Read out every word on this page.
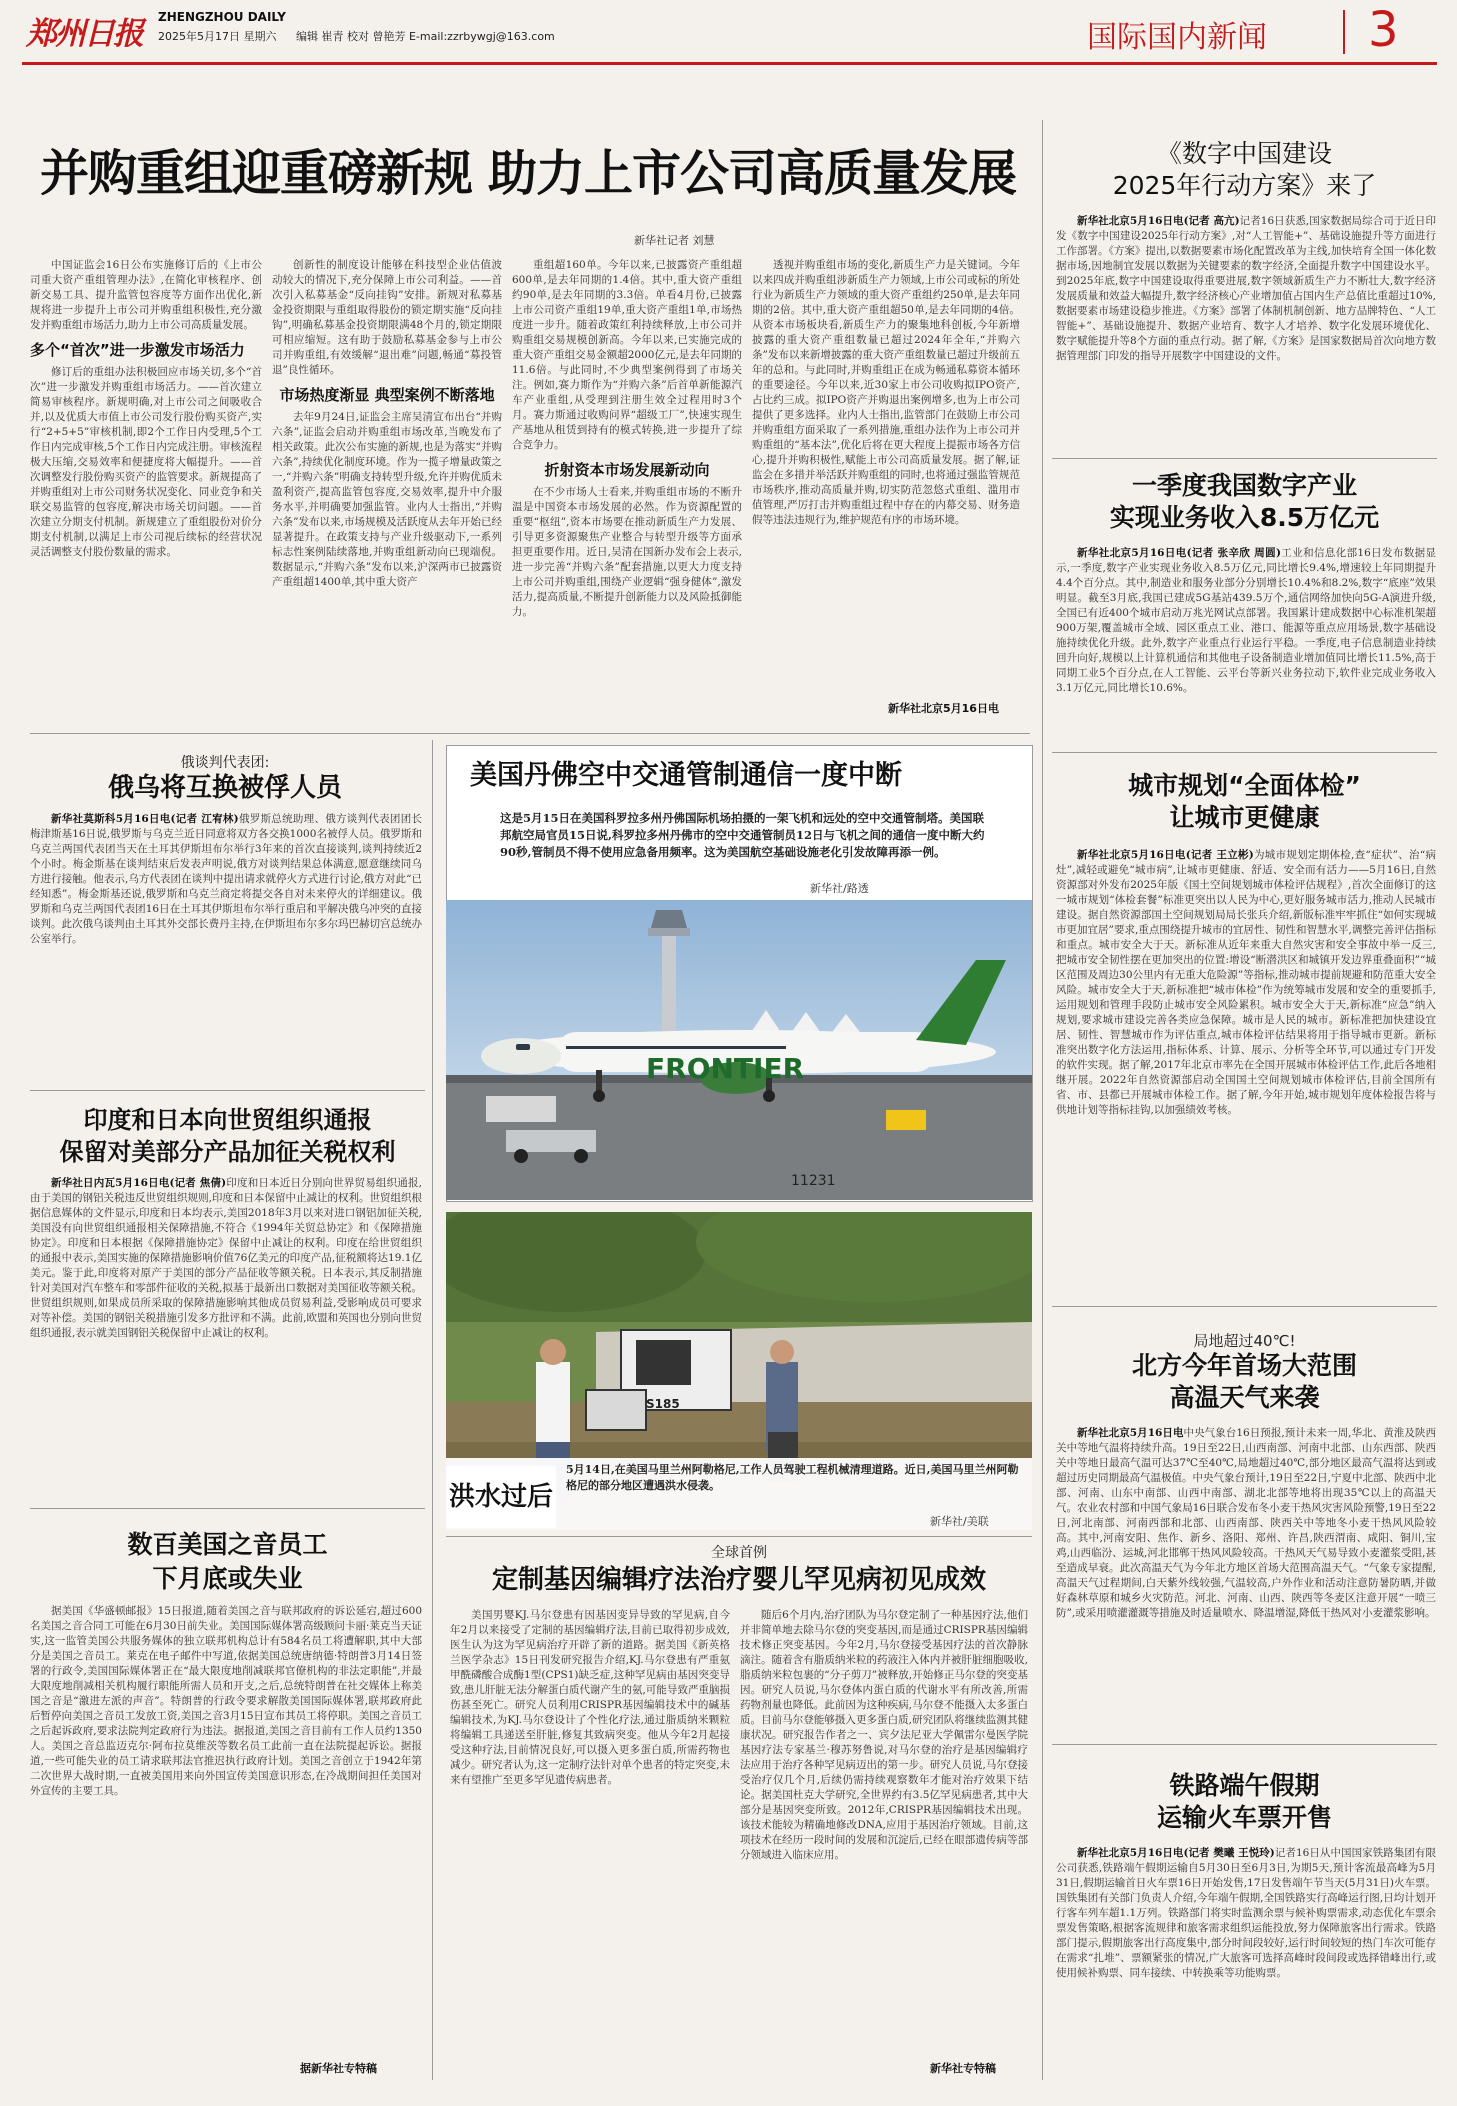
郑州日报 ZHENGZHOU DAILY
2025年5月17日 星期六 编辑 崔青 校对 曾艳芳 E-mail:zzrbywgj@163.com	国际国内新闻 3
并购重组迎重磅新规 助力上市公司高质量发展
新华社记者 刘慧

中国证监会16日公布实施修订后的《上市公司重大资产重组管理办法》,在简化审核程序、创新交易工具、提升监管包容度等方面作出优化,新规将进一步提升上市公司并购重组积极性,充分激发并购重组市场活力,助力上市公司高质量发展。

多个“首次”进一步激发市场活力

修订后的重组办法积极回应市场关切,多个“首次”进一步激发并购重组市场活力。——首次建立简易审核程序。新规明确,对上市公司之间吸收合并,以及优质大市值上市公司发行股份购买资产,实行“2+5+5”审核机制,即2个工作日内受理,5个工作日内完成审核,5个工作日内完成注册。审核流程极大压缩,交易效率和便捷度将大幅提升。——首次调整发行股份购买资产的监管要求。新规提高了并购重组对上市公司财务状况变化、同业竞争和关联交易监管的包容度,解决市场关切问题。——首次建立分期支付机制。新规建立了重组股份对价分期支付机制,以满足上市公司视后续标的经营状况灵活调整支付股份数量的需求。

创新性的制度设计能够在科技型企业估值波动较大的情况下,充分保障上市公司利益。——首次引入私募基金“反向挂钩”安排。新规对私募基金投资期限与重组取得股份的锁定期实施“反向挂钩”,明确私募基金投资期限满48个月的,锁定期限可相应缩短。这有助于鼓励私募基金参与上市公司并购重组,有效缓解“退出难”问题,畅通“募投管退”良性循环。

市场热度渐显 典型案例不断落地

去年9月24日,证监会主席吴清宣布出台“并购六条”,证监会启动并购重组市场改革,当晚发布了相关政策。此次公布实施的新规,也是为落实“并购六条”,持续优化制度环境。作为一揽子增量政策之一,“并购六条”明确支持转型升级,允许并购优质未盈利资产,提高监管包容度,交易效率,提升中介服务水平,并明确要加强监管。业内人士指出,“并购六条”发布以来,市场规模及活跃度从去年开始已经显著提升。在政策支持与产业升级驱动下,一系列标志性案例陆续落地,并购重组新动向已现端倪。数据显示,“并购六条”发布以来,沪深两市已披露资产重组超1400单,其中重大资产

重组超160单。今年以来,已披露资产重组超600单,是去年同期的1.4倍。其中,重大资产重组约90单,是去年同期的3.3倍。单看4月份,已披露上市公司资产重组19单,重大资产重组1单,市场热度进一步升。随着政策红利持续释放,上市公司并购重组交易规模创新高。今年以来,已实施完成的重大资产重组交易金额超2000亿元,是去年同期的11.6倍。与此同时,不少典型案例得到了市场关注。例如,赛力斯作为“并购六条”后首单新能源汽车产业重组,从受理到注册生效全过程用时3个月。赛力斯通过收购问界“超级工厂”,快速实现生产基地从租赁到持有的模式转换,进一步提升了综合竞争力。

折射资本市场发展新动向

在不少市场人士看来,并购重组市场的不断升温是中国资本市场发展的必然。作为资源配置的重要“枢纽”,资本市场要在推动新质生产力发展、引导更多资源聚焦产业整合与转型升级等方面承担更重要作用。近日,吴清在国新办发布会上表示,进一步完善“并购六条”配套措施,以更大力度支持上市公司并购重组,围绕产业逻辑“强身健体”,激发活力,提高质量,不断提升创新能力以及风险抵御能力。

透视并购重组市场的变化,新质生产力是关键词。今年以来四成并购重组涉新质生产力领域,上市公司或标的所处行业为新质生产力领域的重大资产重组约250单,是去年同期的2倍。其中,重大资产重组超50单,是去年同期的4倍。从资本市场板块看,新质生产力的聚集地科创板,今年新增披露的重大资产重组数量已超过2024年全年,“并购六条”发布以来新增披露的重大资产重组数量已超过升级前五年的总和。与此同时,并购重组正在成为畅通私募资本循环的重要途径。今年以来,近30家上市公司收购拟IPO资产,占比约三成。拟IPO资产并购退出案例增多,也为上市公司提供了更多选择。业内人士指出,监管部门在鼓励上市公司并购重组方面采取了一系列措施,重组办法作为上市公司并购重组的“基本法”,优化后将在更大程度上提振市场各方信心,提升并购积极性,赋能上市公司高质量发展。据了解,证监会在多措并举活跃并购重组的同时,也将通过强监管规范市场秩序,推动高质量并购,切实防范忽悠式重组、滥用市值管理,严厉打击并购重组过程中存在的内幕交易、财务造假等违法违规行为,维护规范有序的市场环境。

新华社北京5月16日电
《数字中国建设
2025年行动方案》来了

新华社北京5月16日电(记者 高亢)记者16日获悉,国家数据局综合司于近日印发《数字中国建设2025年行动方案》,对“人工智能+”、基础设施提升等方面进行工作部署。《方案》提出,以数据要素市场化配置改革为主线,加快培育全国一体化数据市场,因地制宜发展以数据为关键要素的数字经济,全面提升数字中国建设水平。到2025年底,数字中国建设取得重要进展,数字领域新质生产力不断壮大,数字经济发展质量和效益大幅提升,数字经济核心产业增加值占国内生产总值比重超过10%,数据要素市场建设稳步推进。《方案》部署了体制机制创新、地方品牌特色、“人工智能+”、基础设施提升、数据产业培育、数字人才培养、数字化发展环境优化、数字赋能提升等8个方面的重点行动。据了解,《方案》是国家数据局首次向地方数据管理部门印发的指导开展数字中国建设的文件。

一季度我国数字产业
实现业务收入8.5万亿元

新华社北京5月16日电(记者 张辛欣 周圆)工业和信息化部16日发布数据显示,一季度,数字产业实现业务收入8.5万亿元,同比增长9.4%,增速较上年同期提升4.4个百分点。其中,制造业和服务业部分分别增长10.4%和8.2%,数字“底座”效果明显。截至3月底,我国已建成5G基站439.5万个,通信网络加快向5G-A演进升级,全国已有近400个城市启动万兆光网试点部署。我国累计建成数据中心标准机架超900万架,覆盖城市全域、园区重点工业、港口、能源等重点应用场景,数字基础设施持续优化升级。此外,数字产业重点行业运行平稳。一季度,电子信息制造业持续回升向好,规模以上计算机通信和其他电子设备制造业增加值同比增长11.5%,高于同期工业5个百分点,在人工智能、云平台等新兴业务拉动下,软件业完成业务收入3.1万亿元,同比增长10.6%。

城市规划“全面体检”
让城市更健康

新华社北京5月16日电(记者 王立彬)为城市规划定期体检,查“症状”、治“病灶”,减轻或避免“城市病”,让城市更健康、舒适、安全而有活力——5月16日,自然资源部对外发布2025年版《国土空间规划城市体检评估规程》,首次全面修订的这一城市规划“体检套餐”标准更突出以人民为中心,更好服务城市活力,推动人民城市建设。据自然资源部国土空间规划局局长张兵介绍,新版标准牢牢抓住“如何实现城市更加宜居”要求,重点围绕提升城市的宜居性、韧性和智慧水平,调整完善评估指标和重点。城市安全大于天。新标准从近年来重大自然灾害和安全事故中举一反三,把城市安全韧性摆在更加突出的位置:增设“断潜洪区和城镇开发边界重叠面积”“城区范围及周边30公里内有无重大危险源”等指标,推动城市提前规避和防范重大安全风险。城市安全大于天,新标准把“城市体检”作为统筹城市发展和安全的重要抓手,运用规划和管理手段防止城市安全风险累积。城市安全大于天,新标准“应急”纳入规划,要求城市建设完善各类应急保障。城市是人民的城市。新标准把加快建设宜居、韧性、智慧城市作为评估重点,城市体检评估结果将用于指导城市更新。新标准突出数字化方法运用,指标体系、计算、展示、分析等全环节,可以通过专门开发的软件实现。据了解,2017年北京市率先在全国开展城市体检评估工作,此后各地相继开展。2022年自然资源部启动全国国土空间规划城市体检评估,目前全国所有省、市、县都已开展城市体检工作。据了解,今年开始,城市规划年度体检报告将与供地计划等指标挂钩,以加强绩效考核。

局地超过40℃!
北方今年首场大范围
高温天气来袭

新华社北京5月16日电中央气象台16日预报,预计未来一周,华北、黄淮及陕西关中等地气温将持续升高。19日至22日,山西南部、河南中北部、山东西部、陕西关中等地日最高气温可达37℃至40℃,局地超过40℃,部分地区最高气温将达到或超过历史同期最高气温极值。中央气象台预计,19日至22日,宁夏中北部、陕西中北部、河南、山东中南部、山西中南部、湖北北部等地将出现35℃以上的高温天气。农业农村部和中国气象局16日联合发布冬小麦干热风灾害风险预警,19日至22日,河北南部、河南西部和北部、山西南部、陕西关中等地冬小麦干热风风险较高。其中,河南安阳、焦作、新乡、洛阳、郑州、许昌,陕西渭南、咸阳、铜川,宝鸡,山西临汾、运城,河北邯郸干热风风险较高。干热风天气易导致小麦灌浆受阻,甚至造成早衰。此次高温天气为今年北方地区首场大范围高温天气。“气象专家提醒,高温天气过程期间,白天紫外线较强,气温较高,户外作业和活动注意防暑防晒,并做好森林草原和城乡火灾防范。河北、河南、山西、陕西等冬麦区注意开展“一喷三防”,或采用喷灌灌溉等措施及时适量喷水、降温增湿,降低干热风对小麦灌浆影响。

铁路端午假期
运输火车票开售

新华社北京5月16日电(记者 樊曦 王悦玲)记者16日从中国国家铁路集团有限公司获悉,铁路端午假期运输自5月30日至6月3日,为期5天,预计客流最高峰为5月31日,假期运输首日火车票16日开始发售,17日发售端午节当天(5月31日)火车票。国铁集团有关部门负责人介绍,今年端午假期,全国铁路实行高峰运行图,日均计划开行客车列车超1.1万列。铁路部门将实时监测余票与候补购票需求,动态优化车票余票发售策略,根据客流规律和旅客需求组织运能投放,努力保障旅客出行需求。铁路部门提示,假期旅客出行高度集中,部分时间段较好,运行时间较短的热门车次可能存在需求“扎堆”、票额紧张的情况,广大旅客可选择高峰时段间段或选择错峰出行,或使用候补购票、同车接续、中转换乘等功能购票。

俄谈判代表团:
俄乌将互换被俘人员

新华社莫斯科5月16日电(记者 江宥林)俄罗斯总统助理、俄方谈判代表团团长梅津斯基16日说,俄罗斯与乌克兰近日同意将双方各交换1000名被俘人员。俄罗斯和乌克兰两国代表团当天在土耳其伊斯坦布尔举行3年来的首次直接谈判,谈判持续近2个小时。梅金斯基在谈判结束后发表声明说,俄方对谈判结果总体满意,愿意继续同乌方进行接触。他表示,乌方代表团在谈判中提出请求就停火方式进行讨论,俄方对此“已经知悉”。梅金斯基还说,俄罗斯和乌克兰商定将提交各自对未来停火的详细建议。俄罗斯和乌克兰两国代表团16日在土耳其伊斯坦布尔举行重启和平解决俄乌冲突的直接谈判。此次俄乌谈判由土耳其外交部长费丹主持,在伊斯坦布尔多尔玛巴赫切宫总统办公室举行。

印度和日本向世贸组织通报
保留对美部分产品加征关税权利

新华社日内瓦5月16日电(记者 焦倩)印度和日本近日分别向世界贸易组织通报,由于美国的钢铝关税违反世贸组织规则,印度和日本保留中止减让的权利。世贸组织根据信息媒体的文件显示,印度和日本均表示,美国2018年3月以来对进口钢铝加征关税,美国没有向世贸组织通报相关保障措施,不符合《1994年关贸总协定》和《保障措施协定》。印度和日本根据《保障措施协定》保留中止减让的权利。印度在给世贸组织的通报中表示,美国实施的保障措施影响价值76亿美元的印度产品,征税额将达19.1亿美元。鉴于此,印度将对原产于美国的部分产品征收等额关税。日本表示,其反制措施针对美国对汽车整车和零部件征收的关税,拟基于最新出口数据对美国征收等额关税。世贸组织规则,如果成员所采取的保障措施影响其他成员贸易利益,受影响成员可要求对等补偿。美国的钢铝关税措施引发多方批评和不满。此前,欧盟和英国也分别向世贸组织通报,表示就美国钢铝关税保留中止减让的权利。

数百美国之音员工
下月底或失业

据美国《华盛顿邮报》15日报道,随着美国之音与联邦政府的诉讼延宕,超过600名美国之音合同工可能在6月30日前失业。美国国际媒体署高级顾问卡丽·莱克当天证实,这一监管美国公共服务媒体的独立联邦机构总计有584名员工将遭解职,其中大部分是美国之音员工。莱克在电子邮件中写道,依据美国总统唐纳德·特朗普3月14日签署的行政令,美国国际媒体署正在“最大限度地削减联邦官僚机构的非法定职能”,并最大限度地削减相关机构履行职能所需人员和开支,之后,总统特朗普在社交媒体上称美国之音是“激进左派的声音”。特朗普的行政令要求解散美国国际媒体署,联邦政府此后暂停向美国之音员工发放工资,美国之音3月15日宣布其员工将停职。美国之音员工之后起诉政府,要求法院判定政府行为违法。据报道,美国之音目前有工作人员约1350人。美国之音总监迈克尔·阿布拉莫维茨等数名员工此前一直在法院提起诉讼。据报道,一些可能失业的员工请求联邦法官推迟执行政府计划。美国之音创立于1942年第二次世界大战时期,一直被美国用来向外国宣传美国意识形态,在冷战期间担任美国对外宣传的主要工具。

据新华社专特稿
美国丹佛空中交通管制通信一度中断
这是5月15日在美国科罗拉多州丹佛国际机场拍摄的一架飞机和远处的空中交通管制塔。美国联邦航空局官员15日说,科罗拉多州丹佛市的空中交通管制员12日与飞机之间的通信一度中断大约90秒,管制员不得不使用应急备用频率。这为美国航空基础设施老化引发故障再添一例。
新华社/路透
FRONTIER
11231
S185
洪水过后
5月14日,在美国马里兰州阿勒格尼,工作人员驾驶工程机械清理道路。近日,美国马里兰州阿勒格尼的部分地区遭遇洪水侵袭。
新华社/美联
全球首例
定制基因编辑疗法治疗婴儿罕见病初见成效

美国男婴KJ.马尔登患有因基因变异导致的罕见病,自今年2月以来接受了定制的基因编辑疗法,目前已取得初步成效,医生认为这为罕见病治疗开辟了新的道路。据美国《新英格兰医学杂志》15日刊发研究报告介绍,KJ.马尔登患有严重氨甲酰磷酸合成酶1型(CPS1)缺乏症,这种罕见病由基因突变导致,患儿肝脏无法分解蛋白质代谢产生的氨,可能导致严重脑损伤甚至死亡。研究人员利用CRISPR基因编辑技术中的碱基编辑技术,为KJ.马尔登设计了个性化疗法,通过脂质纳米颗粒将编辑工具递送至肝脏,修复其致病突变。他从今年2月起接受这种疗法,目前情况良好,可以摄入更多蛋白质,所需药物也减少。研究者认为,这一定制疗法针对单个患者的特定突变,未来有望推广至更多罕见遗传病患者。

随后6个月内,治疗团队为马尔登定制了一种基因疗法,他们并非简单地去除马尔登的突变基因,而是通过CRISPR基因编辑技术修正突变基因。今年2月,马尔登接受基因疗法的首次静脉滴注。随着含有脂质纳米粒的药液注入体内并被肝脏细胞吸收,脂质纳米粒包裹的“分子剪刀”被释放,开始修正马尔登的突变基因。研究人员说,马尔登体内蛋白质的代谢水平有所改善,所需药物剂量也降低。此前因为这种疾病,马尔登不能摄入太多蛋白质。目前马尔登能够摄入更多蛋白质,研究团队将继续监测其健康状况。研究报告作者之一、宾夕法尼亚大学佩雷尔曼医学院基因疗法专家基兰·穆苏努鲁说,对马尔登的治疗是基因编辑疗法应用于治疗各种罕见病迈出的第一步。研究人员说,马尔登接受治疗仅几个月,后续仍需持续观察数年才能对治疗效果下结论。据美国杜克大学研究,全世界约有3.5亿罕见病患者,其中大部分是基因突变所致。2012年,CRISPR基因编辑技术出现。该技术能较为精确地修改DNA,应用于基因治疗领域。目前,这项技术在经历一段时间的发展和沉淀后,已经在眼部遗传病等部分领域进入临床应用。

新华社专特稿
